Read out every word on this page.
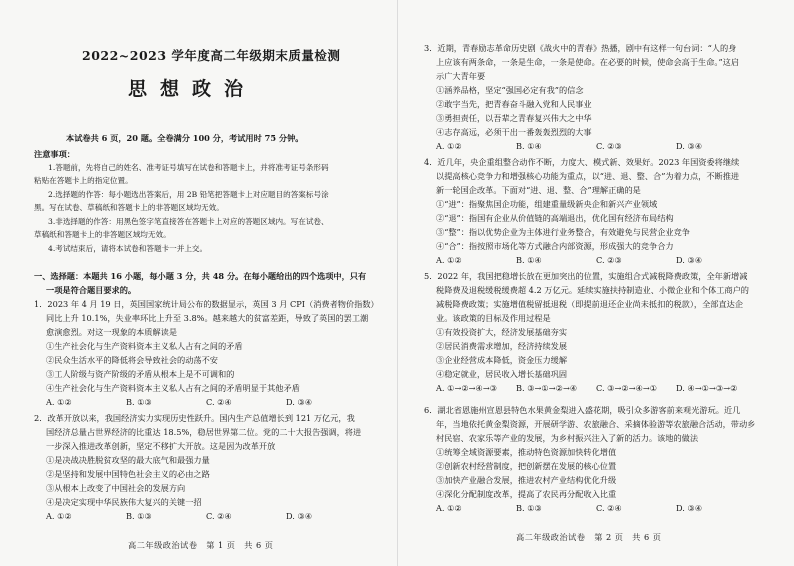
2022~2023 学年度高二年级期末质量检测
思想政治
本试卷共 6 页，20 题。全卷满分 100 分，考试用时 75 分钟。
注意事项：
1.答题前，先将自己的姓名、准考证号填写在试卷和答题卡上，并将准考证号条形码
粘贴在答题卡上的指定位置。
2.选择题的作答：每小题选出答案后，用 2B 铅笔把答题卡上对应题目的答案标号涂
黑。写在试卷、草稿纸和答题卡上的非答题区域均无效。
3.非选择题的作答：用黑色签字笔直接答在答题卡上对应的答题区域内。写在试卷、
草稿纸和答题卡上的非答题区域均无效。
4.考试结束后，请将本试卷和答题卡一并上交。
一、选择题：本题共 16 小题，每小题 3 分，共 48 分。在每小题给出的四个选项中，只有
一项是符合题目要求的。
1．2023 年 4 月 19 日，英国国家统计局公布的数据显示，英国 3 月 CPI（消费者物价指数）
同比上升 10.1%，失业率环比上升至 3.8%。越来越大的贫富差距，导致了英国的罢工潮
愈演愈烈。对这一现象的本质解读是
①生产社会化与生产资料资本主义私人占有之间的矛盾
②民众生活水平的降低将会导致社会的动荡不安
③工人阶级与资产阶级的矛盾从根本上是不可调和的
④生产社会化与生产资料资本主义私人占有之间的矛盾明显于其他矛盾
A. ①②	B. ①③	C. ②④	D. ③④
2．改革开放以来，我国经济实力实现历史性跃升。国内生产总值增长到 121 万亿元，我
国经济总量占世界经济的比重达 18.5%，稳居世界第二位。党的二十大报告强调，将进
一步深入推进改革创新，坚定不移扩大开放。这是因为改革开放
①是决战决胜脱贫攻坚的最大底气和最强力量
②是坚持和发展中国特色社会主义的必由之路
③从根本上改变了中国社会的发展方向
④是决定实现中华民族伟大复兴的关键一招
A. ①②	B. ①③	C. ②④	D. ③④
高二年级政治试卷　第 1 页　共 6 页
3．近期，青春励志革命历史剧《战火中的青春》热播，剧中有这样一句台词：“人的身
上应该有两条命，一条是生命，一条是使命。在必要的时候，使命会高于生命。”这启
示广大青年要
①涵养品格，坚定“强国必定有我”的信念
②敢字当先，把青春奋斗融入党和人民事业
③勇担责任，以吾辈之青春复兴伟大之中华
④志存高远，必须干出一番轰轰烈烈的大事
A. ①②	B. ①④	C. ②③	D. ③④
4．近几年，央企重组整合动作不断，力度大、模式新、效果好。2023 年国资委将继续
以提高核心竞争力和增强核心功能为重点，以“进、退、整、合”为着力点，不断推进
新一轮国企改革。下面对“进、退、整、合”理解正确的是
①“进”：指聚焦国企功能，组建重量级新央企和新兴产业领域
②“退”：指国有企业从价值链的高端退出，优化国有经济布局结构
③“整”：指以优势企业为主体进行业务整合，有效避免与民营企业竞争
④“合”：指按照市场化等方式融合内部资源，形成强大的竞争合力
A. ①②	B. ①④	C. ②③	D. ③④
5．2022 年，我国把稳增长放在更加突出的位置，实施组合式减税降费政策，全年新增减
税降费及退税缓税缓费超 4.2 万亿元。延续实施扶持制造业、小微企业和个体工商户的
减税降费政策；实施增值税留抵退税（即提前退还企业尚未抵扣的税款），全部直达企
业。该政策的目标及作用过程是
①有效投资扩大，经济发展基础夯实
②居民消费需求增加，经济持续发展
③企业经营成本降低，资金压力缓解
④稳定就业，居民收入增长基础巩固
A. ①→②→④→③	B. ③→①→②→④	C. ③→②→④→①	D. ④→①→③→②
6．湖北省恩施州宣恩县特色水果黄金梨进入盛花期，吸引众多游客前来观光游玩。近几
年，当地依托黄金梨资源，开展研学游、农旅融合、采摘体验游等农旅融合活动，带动乡
村民宿、农家乐等产业的发展，为乡村振兴注入了新的活力。该地的做法
①统筹全域资源要素，推动特色资源加快转化增值
②创新农村经营制度，把创新摆在发展的核心位置
③加快产业融合发展，推进农村产业结构优化升级
④深化分配制度改革，提高了农民再分配收入比重
A. ①②	B. ①③	C. ②④	D. ③④
高二年级政治试卷　第 2 页　共 6 页
